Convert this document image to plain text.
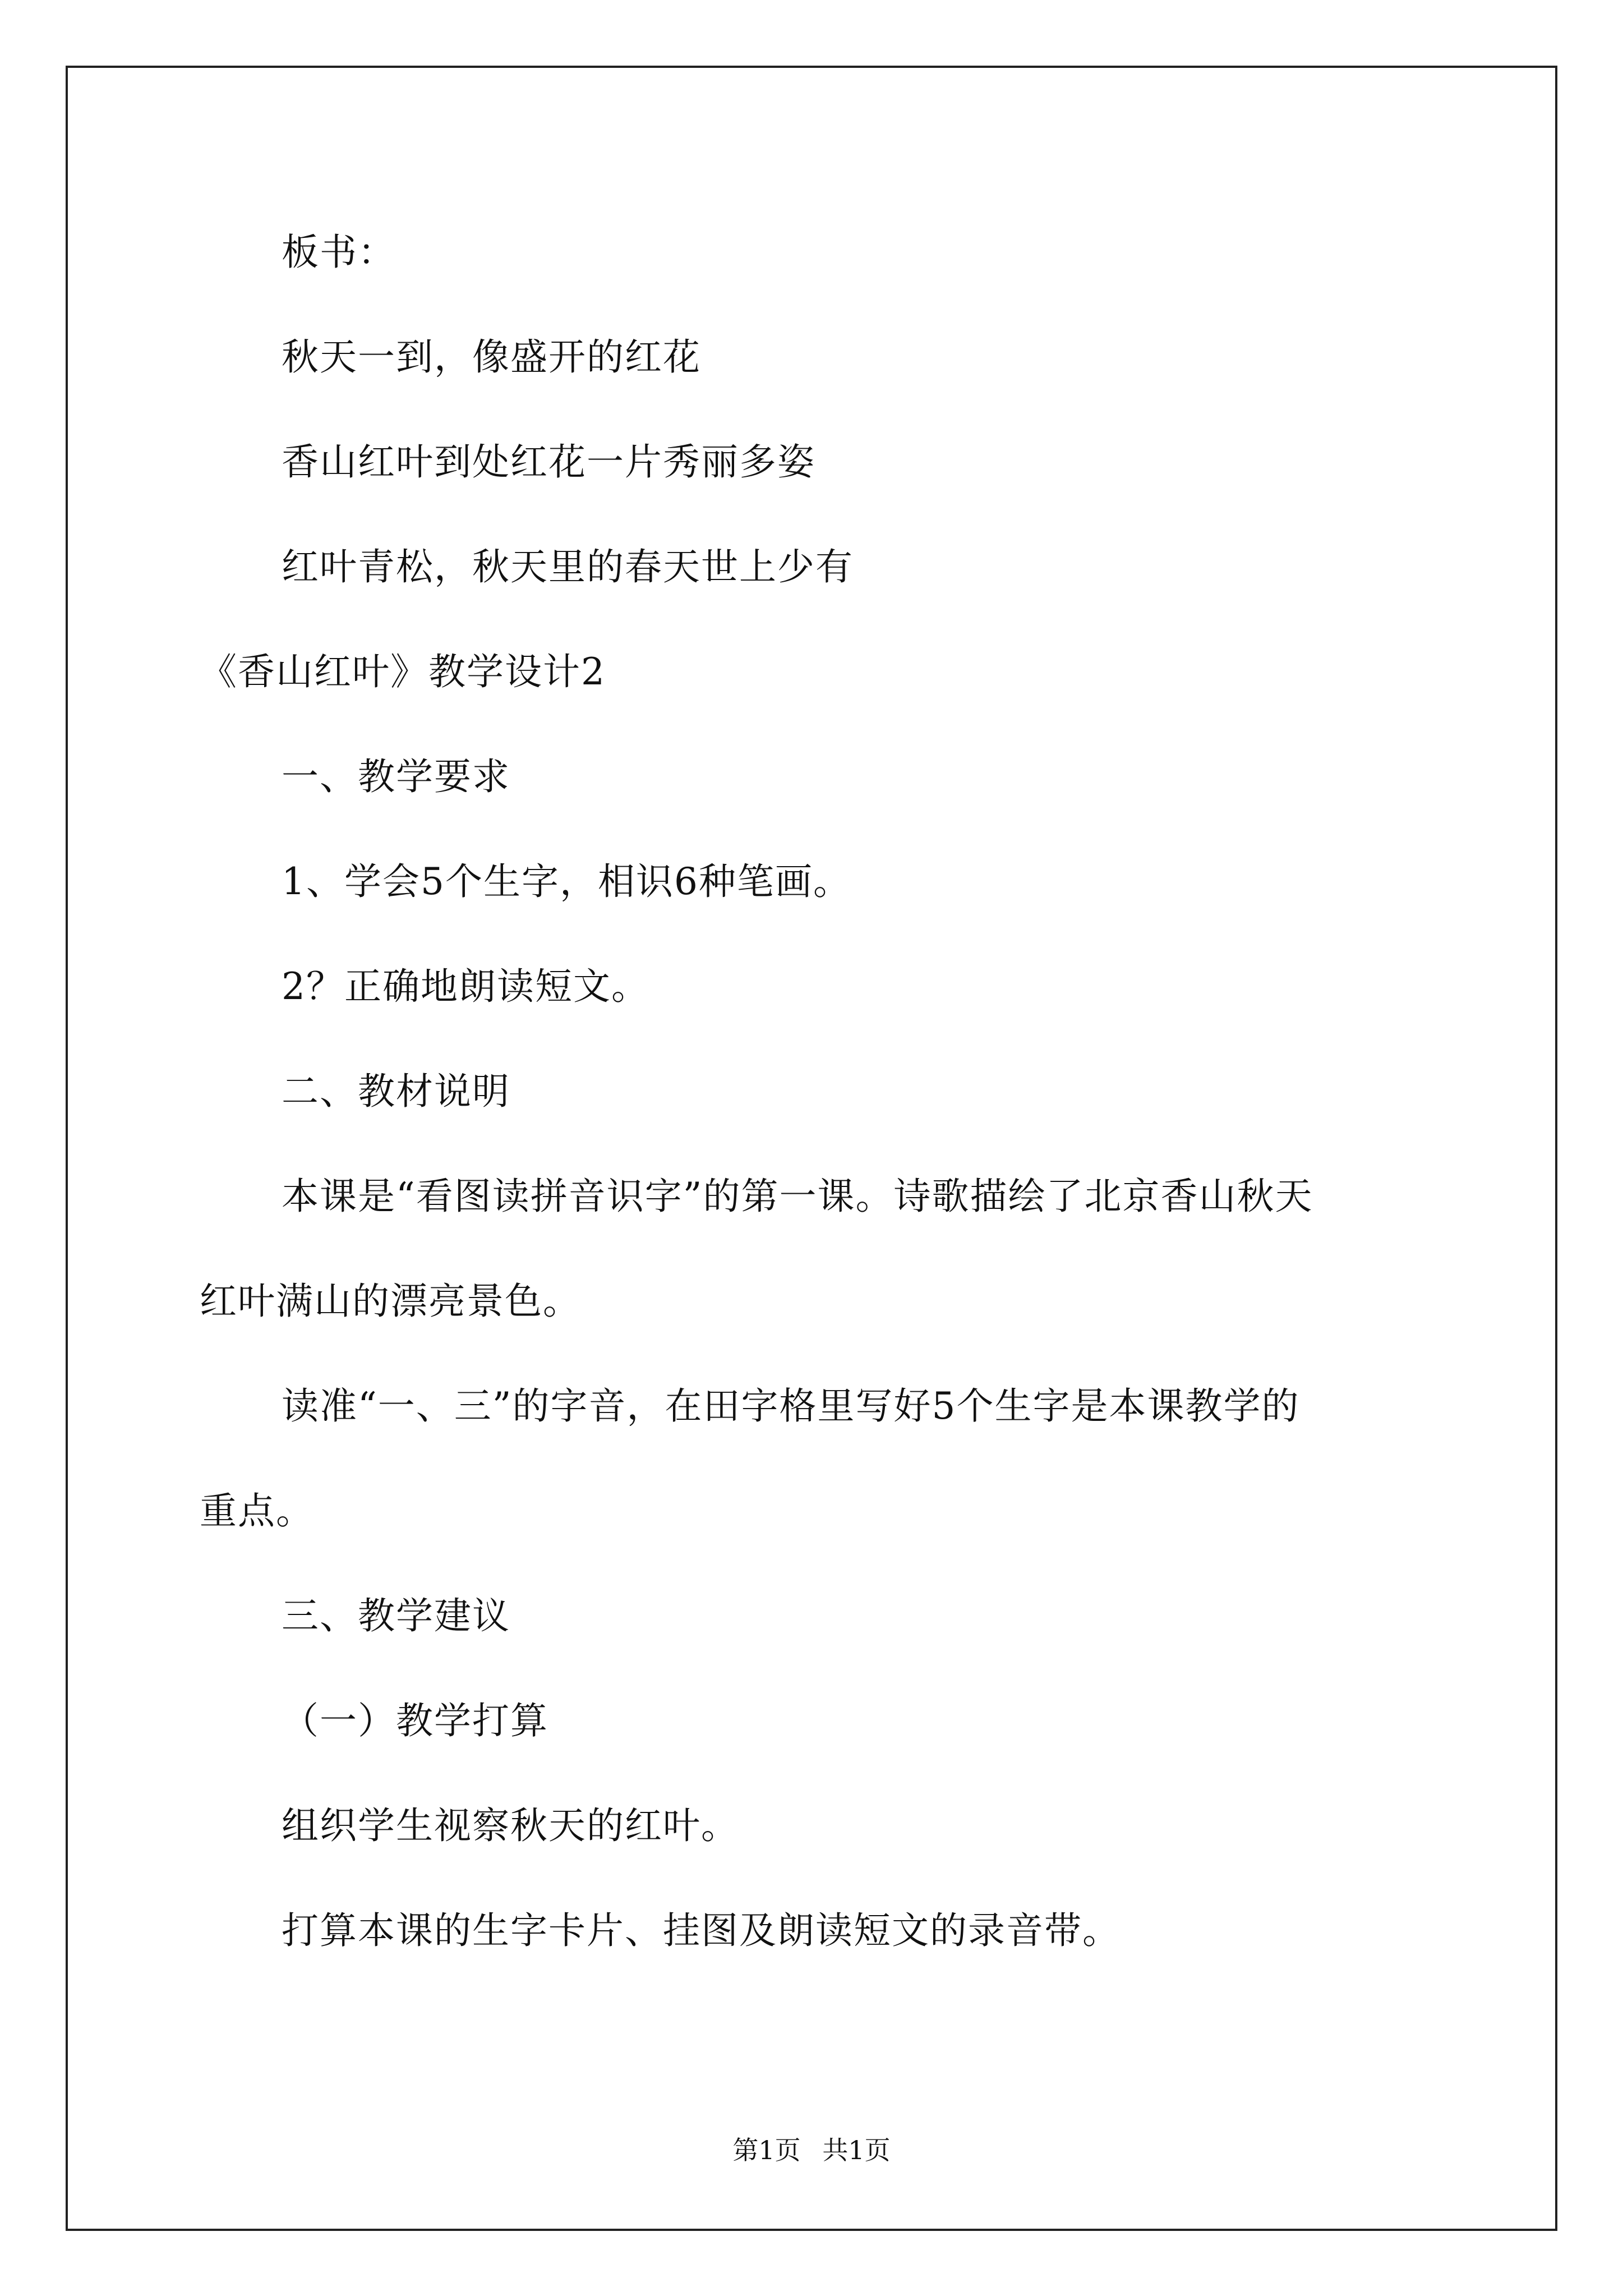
板书：
秋天一到，像盛开的红花
香山红叶到处红花一片秀丽多姿
红叶青松，秋天里的春天世上少有
《香山红叶》教学设计2
一、教学要求
1、学会5个生字，相识6种笔画。
2？正确地朗读短文。
二、教材说明
本课是“看图读拼音识字”的第一课。诗歌描绘了北京香山秋天
红叶满山的漂亮景色。
读准“一、三”的字音，在田字格里写好5个生字是本课教学的
重点。
三、教学建议
（一）教学打算
组织学生视察秋天的红叶。
打算本课的生字卡片、挂图及朗读短文的录音带。
第1页 共1页
